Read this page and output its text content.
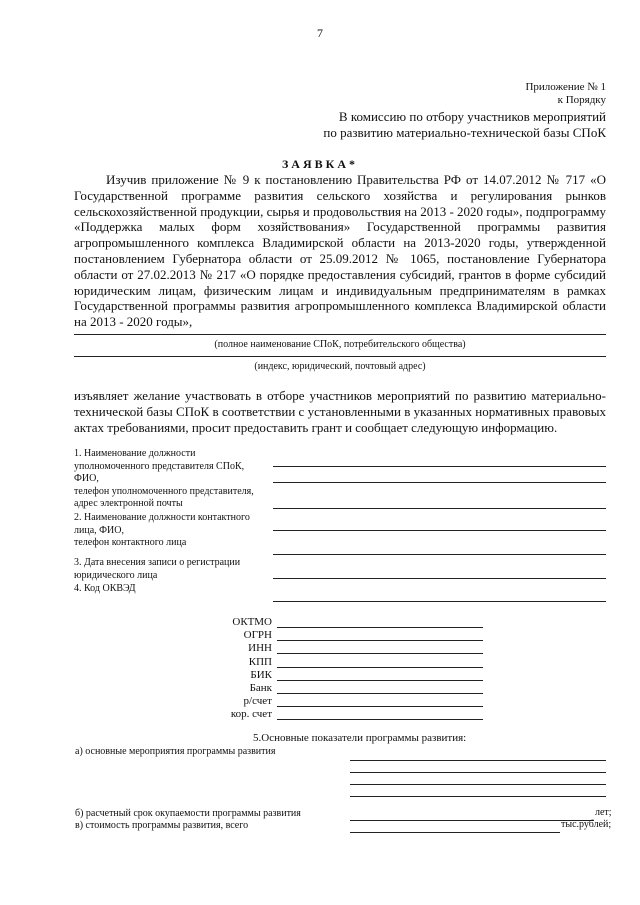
7
Приложение № 1
к Порядку
В комиссию по отбору участников мероприятий
по развитию материально-технической базы СПоК
ЗАЯВКА*
Изучив приложение № 9 к постановлению Правительства РФ от 14.07.2012 № 717 «О Государственной программе развития сельского хозяйства и регулирования рынков сельскохозяйственной продукции, сырья и продовольствия на 2013 - 2020 годы», подпрограмму «Поддержка малых форм хозяйствования» Государственной программы развития агропромышленного комплекса Владимирской области на 2013-2020 годы, утвержденной постановлением Губернатора области от 25.09.2012 № 1065, постановление Губернатора области от 27.02.2013 № 217 «О порядке предоставления субсидий, грантов в форме субсидий юридическим лицам, физическим лицам и индивидуальным предпринимателям в рамках Государственной программы развития агропромышленного комплекса Владимирской области на 2013 - 2020 годы»,
(полное наименование СПоК, потребительского общества)
(индекс, юридический, почтовый адрес)
изъявляет желание участвовать в отборе участников мероприятий по развитию материально-технической базы СПоК в соответствии с установленными в указанных нормативных правовых актах требованиями, просит предоставить грант и сообщает следующую информацию.
1. Наименование должности
уполномоченного представителя СПоК,
ФИО,
телефон уполномоченного представителя,
адрес электронной почты
2. Наименование должности контактного
лица, ФИО,
телефон контактного лица
3. Дата внесения записи о регистрации
юридического лица
4. Код ОКВЭД
ОКТМО
ОГРН
ИНН
КПП
БИК
Банк
р/счет
кор. счет
5.Основные показатели программы развития:
а) основные мероприятия программы развития
б) расчетный срок окупаемости программы развития	лет;
в) стоимость программы развития, всего	тыс.рублей;
